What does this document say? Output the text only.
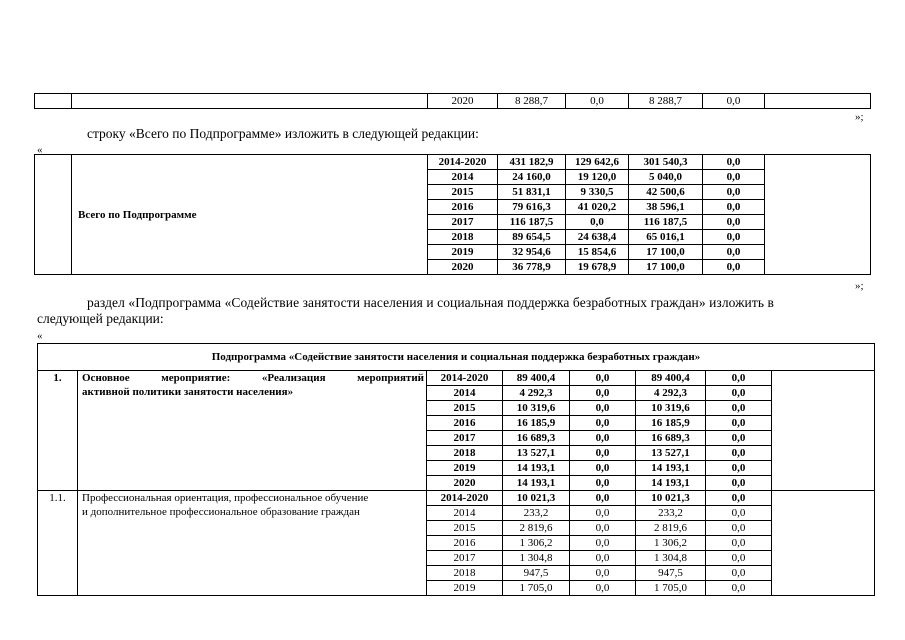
		2020	8 288,7	0,0	8 288,7	0,0	
»;
строку «Всего по Подпрограмме» изложить в следующей редакции:
«
	Всего по Подпрограмме	2014-2020	431 182,9	129 642,6	301 540,3	0,0	
		2014	24 160,0	19 120,0	5 040,0	0,0	
		2015	51 831,1	9 330,5	42 500,6	0,0	
		2016	79 616,3	41 020,2	38 596,1	0,0	
		2017	116 187,5	0,0	116 187,5	0,0	
		2018	89 654,5	24 638,4	65 016,1	0,0	
		2019	32 954,6	15 854,6	17 100,0	0,0	
		2020	36 778,9	19 678,9	17 100,0	0,0	
»;
раздел «Подпрограмма «Содействие занятости населения и социальная поддержка безработных граждан» изложить в
следующей редакции:
«
Подпрограмма «Содействие занятости населения и социальная поддержка безработных граждан»							
1.	Основное мероприятие: «Реализация мероприятий
активной политики занятости населения»	2014-2020	89 400,4	0,0	89 400,4	0,0	
		2014	4 292,3	0,0	4 292,3	0,0	
		2015	10 319,6	0,0	10 319,6	0,0	
		2016	16 185,9	0,0	16 185,9	0,0	
		2017	16 689,3	0,0	16 689,3	0,0	
		2018	13 527,1	0,0	13 527,1	0,0	
		2019	14 193,1	0,0	14 193,1	0,0	
		2020	14 193,1	0,0	14 193,1	0,0	
1.1.	Профессиональная ориентация, профессиональное обучение
и дополнительное профессиональное образование граждан	2014-2020	10 021,3	0,0	10 021,3	0,0	
		2014	233,2	0,0	233,2	0,0	
		2015	2 819,6	0,0	2 819,6	0,0	
		2016	1 306,2	0,0	1 306,2	0,0	
		2017	1 304,8	0,0	1 304,8	0,0	
		2018	947,5	0,0	947,5	0,0	
		2019	1 705,0	0,0	1 705,0	0,0	
